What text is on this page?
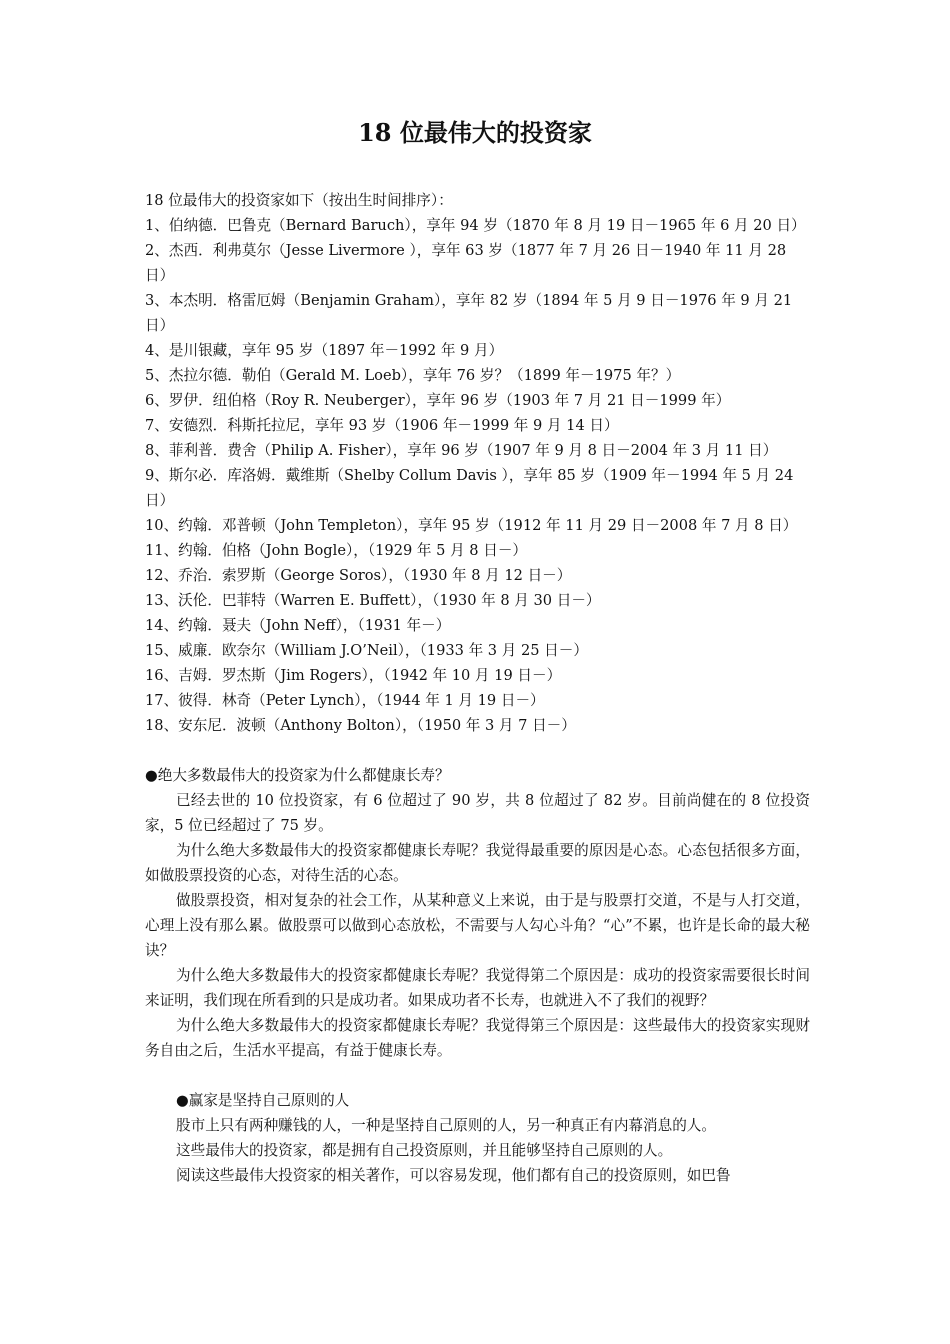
18 位最伟大的投资家
18 位最伟大的投资家如下（按出生时间排序）：
1、伯纳德．巴鲁克（Bernard Baruch），享年 94 岁（1870 年 8 月 19 日－1965 年 6 月 20 日）
2、杰西．利弗莫尔（Jesse Livermore ），享年 63 岁（1877 年 7 月 26 日－1940 年 11 月 28
日）
3、本杰明．格雷厄姆（Benjamin Graham），享年 82 岁（1894 年 5 月 9 日－1976 年 9 月 21
日）
4、是川银藏，享年 95 岁（1897 年－1992 年 9 月）
5、杰拉尔德．勒伯（Gerald M. Loeb），享年 76 岁？（1899 年－1975 年？）
6、罗伊．纽伯格（Roy R. Neuberger），享年 96 岁（1903 年 7 月 21 日－1999 年）
7、安德烈．科斯托拉尼，享年 93 岁（1906 年－1999 年 9 月 14 日）
8、菲利普．费舍（Philip A. Fisher），享年 96 岁（1907 年 9 月 8 日－2004 年 3 月 11 日）
9、斯尔必．库洛姆．戴维斯（Shelby Collum Davis ），享年 85 岁（1909 年－1994 年 5 月 24
日）
10、约翰．邓普顿（John Templeton），享年 95 岁（1912 年 11 月 29 日－2008 年 7 月 8 日）
11、约翰．伯格（John Bogle），（1929 年 5 月 8 日－）
12、乔治．索罗斯（George Soros），（1930 年 8 月 12 日－）
13、沃伦．巴菲特（Warren E. Buffett），（1930 年 8 月 30 日－）
14、约翰．聂夫（John Neff），（1931 年－）
15、威廉．欧奈尔（William J.O’Neil），（1933 年 3 月 25 日－）
16、吉姆．罗杰斯（Jim Rogers），（1942 年 10 月 19 日－）
17、彼得．林奇（Peter Lynch），（1944 年 1 月 19 日－）
18、安东尼．波顿（Anthony Bolton），（1950 年 3 月 7 日－）
●绝大多数最伟大的投资家为什么都健康长寿？
已经去世的 10 位投资家，有 6 位超过了 90 岁，共 8 位超过了 82 岁。目前尚健在的 8 位投资家，5 位已经超过了 75 岁。
为什么绝大多数最伟大的投资家都健康长寿呢？我觉得最重要的原因是心态。心态包括很多方面，如做股票投资的心态，对待生活的心态。
做股票投资，相对复杂的社会工作，从某种意义上来说，由于是与股票打交道，不是与人打交道，心理上没有那么累。做股票可以做到心态放松，不需要与人勾心斗角？“心”不累，也许是长命的最大秘诀？
为什么绝大多数最伟大的投资家都健康长寿呢？我觉得第二个原因是：成功的投资家需要很长时间来证明，我们现在所看到的只是成功者。如果成功者不长寿，也就进入不了我们的视野？
为什么绝大多数最伟大的投资家都健康长寿呢？我觉得第三个原因是：这些最伟大的投资家实现财务自由之后，生活水平提高，有益于健康长寿。
●赢家是坚持自己原则的人
股市上只有两种赚钱的人，一种是坚持自己原则的人，另一种真正有内幕消息的人。
这些最伟大的投资家，都是拥有自己投资原则，并且能够坚持自己原则的人。
阅读这些最伟大投资家的相关著作，可以容易发现，他们都有自己的投资原则，如巴鲁
